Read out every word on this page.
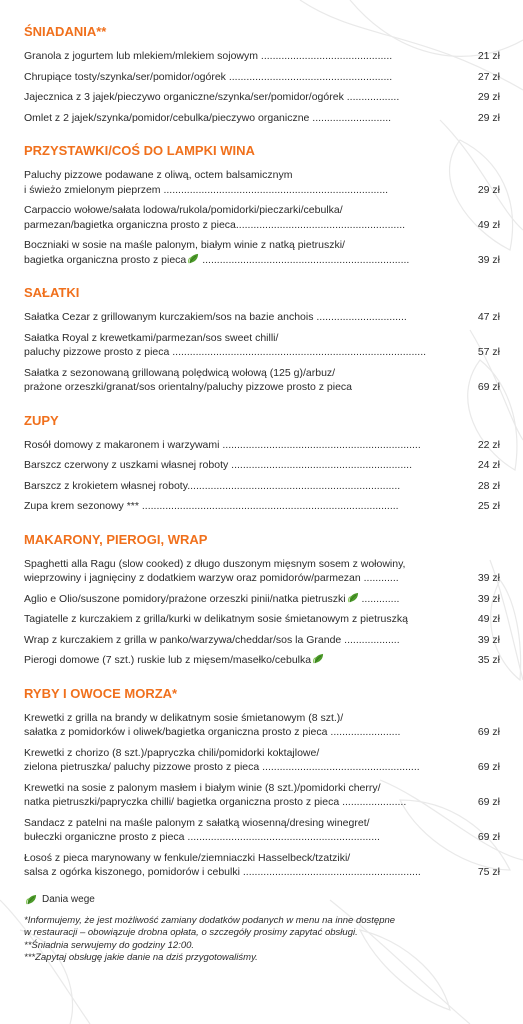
ŚNIADANIA**
Granola z jogurtem lub mlekiem/mlekiem sojowym .............................................	21 zł
Chrupiące tosty/szynka/ser/pomidor/ogórek ........................................................	27 zł
Jajecznica z 3 jajek/pieczywo organiczne/szynka/ser/pomidor/ogórek ..................	29 zł
Omlet z 2 jajek/szynka/pomidor/cebulka/pieczywo organiczne ...........................	29 zł
PRZYSTAWKI/COŚ DO LAMPKI WINA
Paluchy pizzowe podawane z oliwą, octem balsamicznym
i świeżo zmielonym pieprzem .............................................................................	29 zł
Carpaccio wołowe/sałata lodowa/rukola/pomidorki/pieczarki/cebulka/
parmezan/bagietka organiczna prosto z pieca..........................................................	49 zł
Boczniaki w sosie na maśle palonym, białym winie z natką pietruszki/
bagietka organiczna prosto z pieca .......................................................................	39 zł
SAŁATKI
Sałatka Cezar z grillowanym kurczakiem/sos na bazie anchois ...............................	47 zł
Sałatka Royal z krewetkami/parmezan/sos sweet chilli/
paluchy pizzowe prosto z pieca .......................................................................................	57 zł
Sałatka z sezonowaną grillowaną polędwicą wołową (125 g)/arbuz/
prażone orzeszki/granat/sos orientalny/paluchy pizzowe prosto z pieca	69 zł
ZUPY
Rosół domowy z makaronem i warzywami ....................................................................	22 zł
Barszcz czerwony z uszkami własnej roboty ..............................................................	24 zł
Barszcz z krokietem własnej roboty.........................................................................	28 zł
Zupa krem sezonowy *** ........................................................................................	25 zł
MAKARONY, PIEROGI, WRAP
Spaghetti alla Ragu (slow cooked) z długo duszonym mięsnym sosem z wołowiny,
wieprzowiny i jagnięciny z dodatkiem warzyw oraz pomidorów/parmezan ............	39 zł
Aglio e Olio/suszone pomidory/prażone orzeszki pinii/natka pietruszki .............	39 zł
Tagiatelle z kurczakiem z grilla/kurki w delikatnym sosie śmietanowym z pietruszką	49 zł
Wrap z kurczakiem z grilla w panko/warzywa/cheddar/sos la Grande ...................	39 zł
Pierogi domowe (7 szt.) ruskie lub z mięsem/masełko/cebulka	35 zł
RYBY I OWOCE MORZA*
Krewetki z grilla na brandy w delikatnym sosie śmietanowym (8 szt.)/
sałatka z pomidorków i oliwek/bagietka organiczna prosto z pieca ........................	69 zł
Krewetki z chorizo (8 szt.)/papryczka chili/pomidorki koktajlowe/
zielona pietruszka/ paluchy pizzowe prosto z pieca ......................................................	69 zł
Krewetki na sosie z palonym masłem i białym winie (8 szt.)/pomidorki cherry/
natka pietruszki/papryczka chilli/ bagietka organiczna prosto z pieca ......................	69 zł
Sandacz z patelni na maśle palonym z sałatką wiosenną/dresing winegret/
bułeczki organiczne prosto z pieca ..................................................................	69 zł
Łosoś z pieca marynowany w fenkule/ziemniaczki Hasselbeck/tzatziki/
salsa z ogórka kiszonego, pomidorów i cebulki .............................................................	75 zł
Dania wege
*Informujemy, że jest możliwość zamiany dodatków podanych w menu na inne dostępne
w restauracji – obowiązuje drobna opłata, o szczegóły prosimy zapytać obsługi.
**Śniadnia serwujemy do godziny 12:00.
***Zapytaj obsługę jakie danie na dziś przygotowaliśmy.
